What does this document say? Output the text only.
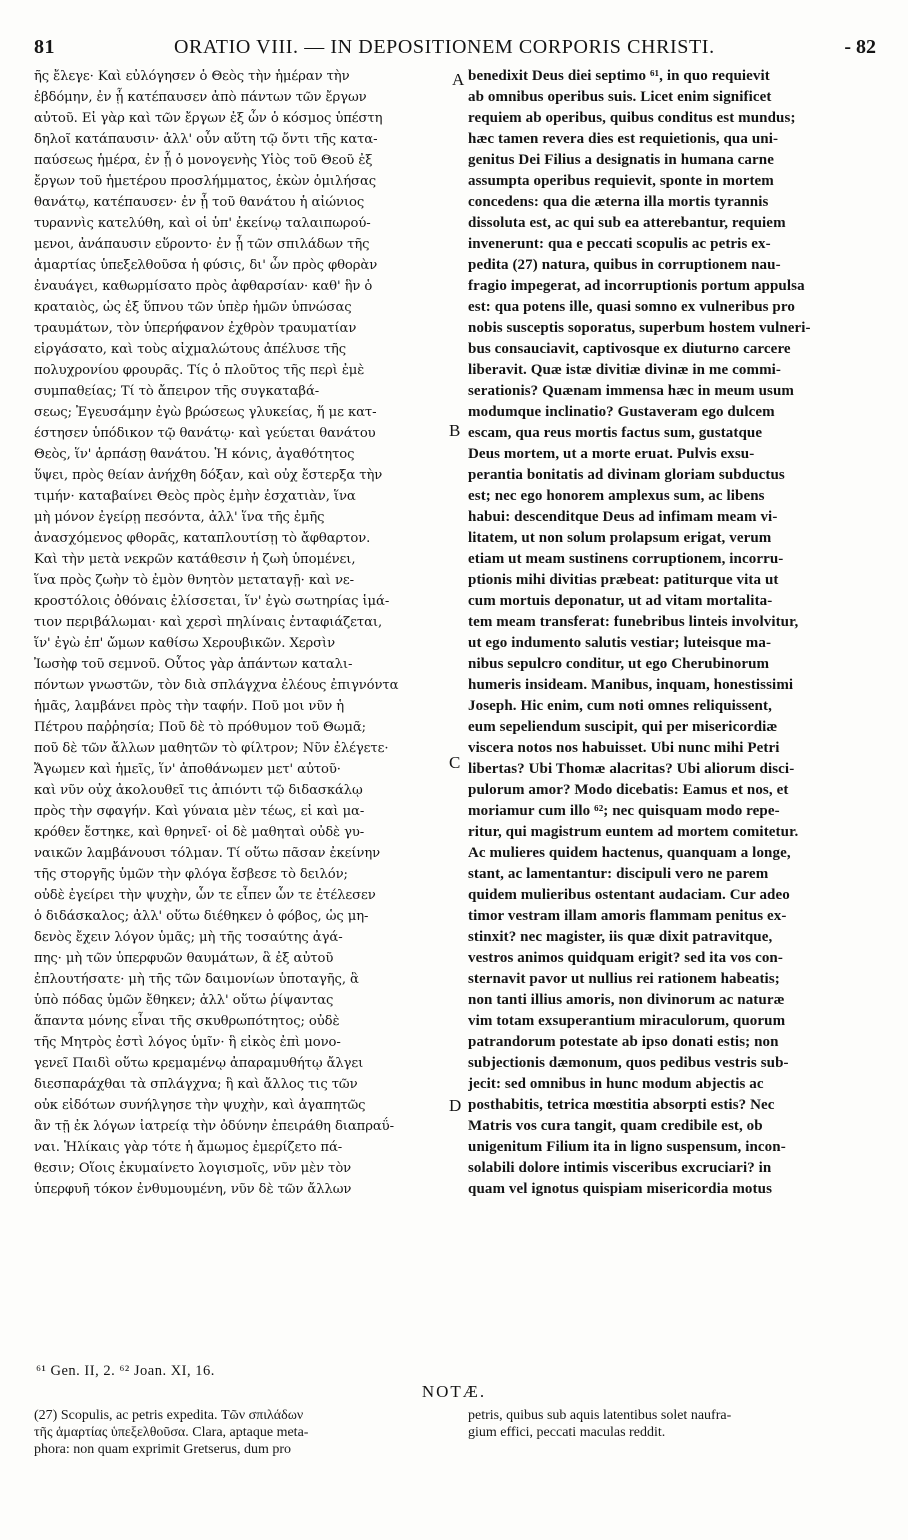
81	ORATIO VIII. — IN DEPOSITIONEM CORPORIS CHRISTI.	- 82
ῆς ἔλεγε· Καὶ εὐλόγησεν ὁ Θεὸς τὴν ἡμέραν τὴν
ἑβδόμην, ἐν ᾗ κατέπαυσεν ἀπὸ πάντων τῶν ἔργων
αὐτοῦ. Εἰ γὰρ καὶ τῶν ἔργων ἐξ ὧν ὁ κόσμος ὑπέστη
δηλοῖ κατάπαυσιν· ἀλλ' οὖν αὕτη τῷ ὄντι τῆς κατα-
παύσεως ἡμέρα, ἐν ᾗ ὁ μονογενὴς Υἱὸς τοῦ Θεοῦ ἐξ
ἔργων τοῦ ἡμετέρου προσλήμματος, ἑκὼν ὁμιλήσας
θανάτῳ, κατέπαυσεν· ἐν ᾗ τοῦ θανάτου ἡ αἰώνιος
τυραννὶς κατελύθη, καὶ οἱ ὑπ' ἐκείνῳ ταλαιπωρού-
μενοι, ἀνάπαυσιν εὕροντο· ἐν ᾗ τῶν σπιλάδων τῆς
ἁμαρτίας ὑπεξελθοῦσα ἡ φύσις, δι' ὧν πρὸς φθορὰν
ἐναυάγει, καθωρμίσατο πρὸς ἀφθαρσίαν· καθ' ἣν ὁ
κραταιὸς, ὡς ἐξ ὕπνου τῶν ὑπὲρ ἡμῶν ὑπνώσας
τραυμάτων, τὸν ὑπερήφανον ἐχθρὸν τραυματίαν
εἰργάσατο, καὶ τοὺς αἰχμαλώτους ἀπέλυσε τῆς
πολυχρονίου φρουρᾶς. Τίς ὁ πλοῦτος τῆς περὶ ἐμὲ
συμπαθείας; Τί τὸ ἄπειρον τῆς συγκαταβά-
σεως; Ἐγευσάμην ἐγὼ βρώσεως γλυκείας, ἥ με κατ-
έστησεν ὑπόδικον τῷ θανάτῳ· καὶ γεύεται θανάτου
Θεὸς, ἵν' ἁρπάσῃ θανάτου. Ἡ κόνις, ἀγαθότητος
ὕψει, πρὸς θείαν ἀνήχθη δόξαν, καὶ οὐχ ἔστερξα τὴν
τιμήν· καταβαίνει Θεὸς πρὸς ἐμὴν ἐσχατιὰν, ἵνα
μὴ μόνον ἐγείρῃ πεσόντα, ἀλλ' ἵνα τῆς ἐμῆς
ἀνασχόμενος φθορᾶς, καταπλουτίσῃ τὸ ἄφθαρτον.
Καὶ τὴν μετὰ νεκρῶν κατάθεσιν ἡ ζωὴ ὑπομένει,
ἵνα πρὸς ζωὴν τὸ ἐμὸν θνητὸν μεταταγῇ· καὶ νε-
κροστόλοις ὀθόναις ἑλίσσεται, ἵν' ἐγὼ σωτηρίας ἱμά-
τιον περιβάλωμαι· καὶ χερσὶ πηλίναις ἐνταφιάζεται,
ἵν' ἐγὼ ἐπ' ὤμων καθίσω Χερουβικῶν. Χερσὶν
Ἰωσὴφ τοῦ σεμνοῦ. Οὗτος γὰρ ἁπάντων καταλι-
πόντων γνωστῶν, τὸν διὰ σπλάγχνα ἐλέους ἐπιγνόντα
ἡμᾶς, λαμβάνει πρὸς τὴν ταφήν. Ποῦ μοι νῦν ἡ
Πέτρου παῤῥησία; Ποῦ δὲ τὸ πρόθυμον τοῦ Θωμᾶ;
ποῦ δὲ τῶν ἄλλων μαθητῶν τὸ φίλτρον; Νῦν ἐλέγετε·
Ἄγωμεν καὶ ἡμεῖς, ἵν' ἀποθάνωμεν μετ' αὐτοῦ·
καὶ νῦν οὐχ ἀκολουθεῖ τις ἀπιόντι τῷ διδασκάλῳ
πρὸς τὴν σφαγήν. Καὶ γύναια μὲν τέως, εἰ καὶ μα-
κρόθεν ἔστηκε, καὶ θρηνεῖ· οἱ δὲ μαθηταὶ οὐδὲ γυ-
ναικῶν λαμβάνουσι τόλμαν. Τί οὕτω πᾶσαν ἐκείνην
τῆς στοργῆς ὑμῶν τὴν φλόγα ἔσβεσε τὸ δειλόν;
οὐδὲ ἐγείρει τὴν ψυχὴν, ὧν τε εἶπεν ὧν τε ἐτέλεσεν
ὁ διδάσκαλος; ἀλλ' οὕτω διέθηκεν ὁ φόβος, ὡς μη-
δενὸς ἔχειν λόγον ὑμᾶς; μὴ τῆς τοσαύτης ἀγά-
πης· μὴ τῶν ὑπερφυῶν θαυμάτων, ἃ ἐξ αὐτοῦ
ἐπλουτήσατε· μὴ τῆς τῶν δαιμονίων ὑποταγῆς, ἃ
ὑπὸ πόδας ὑμῶν ἔθηκεν; ἀλλ' οὕτω ῥίψαντας
ἅπαντα μόνης εἶναι τῆς σκυθρωπότητος; οὐδὲ
τῆς Μητρὸς ἐστὶ λόγος ὑμῖν· ἣ εἰκὸς ἐπὶ μονο-
γενεῖ Παιδὶ οὕτω κρεμαμένῳ ἀπαραμυθήτῳ ἄλγει
διεσπαράχθαι τὰ σπλάγχνα; ἣ καὶ ἄλλος τις τῶν
οὐκ εἰδότων συνήλγησε τὴν ψυχὴν, καὶ ἀγαπητῶς
ἂν τῇ ἐκ λόγων ἰατρείᾳ τὴν ὀδύνην ἐπειράθη διαπραΰ-
ναι. Ἡλίκαις γὰρ τότε ἡ ἄμωμος ἐμερίζετο πά-
θεσιν; Οἵοις ἐκυμαίνετο λογισμοῖς, νῦν μὲν τὸν
ὑπερφυῆ τόκον ἐνθυμουμένη, νῦν δὲ τῶν ἄλλων
benedixit Deus diei septimo ⁶¹, in quo requievit
ab omnibus operibus suis. Licet enim significet
requiem ab operibus, quibus conditus est mundus;
hæc tamen revera dies est requietionis, qua uni-
genitus Dei Filius a designatis in humana carne
assumpta operibus requievit, sponte in mortem
concedens: qua die æterna illa mortis tyrannis
dissoluta est, ac qui sub ea atterebantur, requiem
invenerunt: qua e peccati scopulis ac petris ex-
pedita (27) natura, quibus in corruptionem nau-
fragio impegerat, ad incorruptionis portum appulsa
est: qua potens ille, quasi somno ex vulneribus pro
nobis susceptis soporatus, superbum hostem vulneri-
bus consauciavit, captivosque ex diuturno carcere
liberavit. Quæ istæ divitiæ divinæ in me commi-
serationis? Quænam immensa hæc in meum usum
modumque inclinatio? Gustaveram ego dulcem
escam, qua reus mortis factus sum, gustatque
Deus mortem, ut a morte eruat. Pulvis exsu-
perantia bonitatis ad divinam gloriam subductus
est; nec ego honorem amplexus sum, ac libens
habui: descenditque Deus ad infimam meam vi-
litatem, ut non solum prolapsum erigat, verum
etiam ut meam sustinens corruptionem, incorru-
ptionis mihi divitias præbeat: patiturque vita ut
cum mortuis deponatur, ut ad vitam mortalita-
tem meam transferat: funebribus linteis involvitur,
ut ego indumento salutis vestiar; luteisque ma-
nibus sepulcro conditur, ut ego Cherubinorum
humeris insideam. Manibus, inquam, honestissimi
Joseph. Hic enim, cum noti omnes reliquissent,
eum sepeliendum suscipit, qui per misericordiæ
viscera notos nos habuisset. Ubi nunc mihi Petri
libertas? Ubi Thomæ alacritas? Ubi aliorum disci-
pulorum amor? Modo dicebatis: Eamus et nos, et
moriamur cum illo ⁶²; nec quisquam modo repe-
ritur, qui magistrum euntem ad mortem comitetur.
Ac mulieres quidem hactenus, quanquam a longe,
stant, ac lamentantur: discipuli vero ne parem
quidem mulieribus ostentant audaciam. Cur adeo
timor vestram illam amoris flammam penitus ex-
stinxit? nec magister, iis quæ dixit patravitque,
vestros animos quidquam erigit? sed ita vos con-
sternavit pavor ut nullius rei rationem habeatis;
non tanti illius amoris, non divinorum ac naturæ
vim totam exsuperantium miraculorum, quorum
patrandorum potestate ab ipso donati estis; non
subjectionis dæmonum, quos pedibus vestris sub-
jecit: sed omnibus in hunc modum abjectis ac
posthabitis, tetrica mœstitia absorpti estis? Nec
Matris vos cura tangit, quam credibile est, ob
unigenitum Filium ita in ligno suspensum, incon-
solabili dolore intimis visceribus excruciari? in
quam vel ignotus quispiam misericordia motus
A
B
C
D
⁶¹ Gen. II, 2. ⁶² Joan. XI, 16.
NOTÆ.
(27) Scopulis, ac petris expedita. Τῶν σπιλάδων
τῆς ἁμαρτίας ὑπεξελθοῦσα. Clara, aptaque meta-
phora: non quam exprimit Gretserus, dum pro
petris, quibus sub aquis latentibus solet naufra-
gium effici, peccati maculas reddit.
